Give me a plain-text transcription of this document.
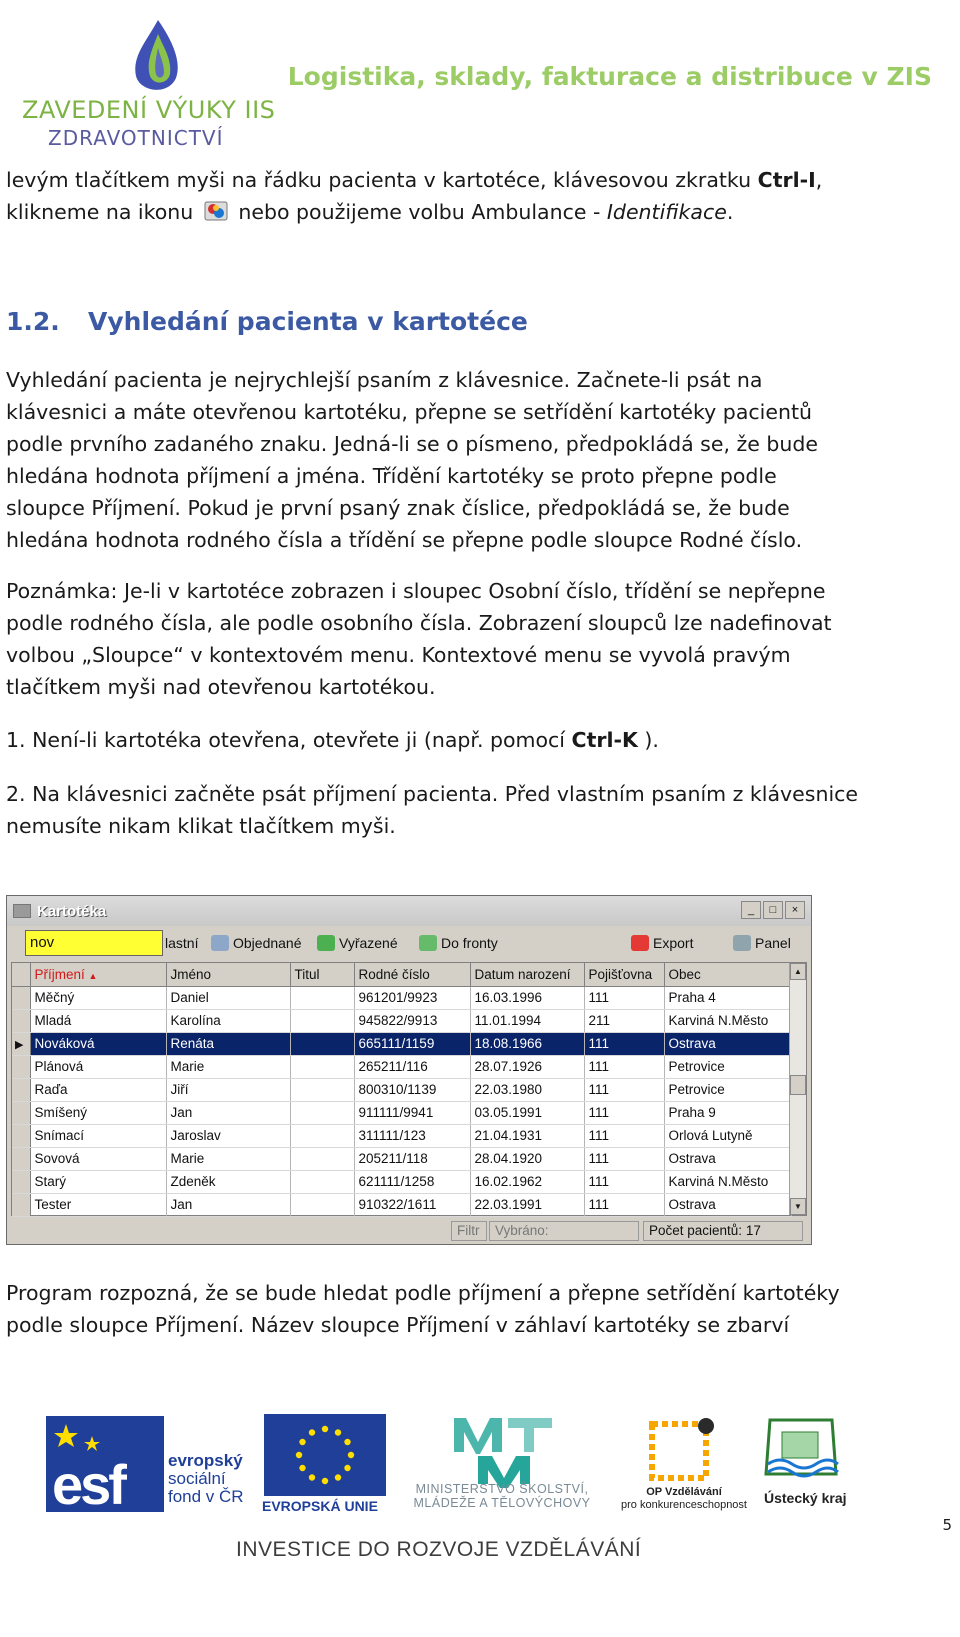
ZAVEDENÍ VÝUKY IIS
ZDRAVOTNICTVÍ
Logistika, sklady, fakturace a distribuce v ZIS
levým tlačítkem myši na řádku pacienta v kartotéce, klávesovou zkratku Ctrl-I,
klikneme na ikonu nebo použijeme volbu Ambulance - Identifikace.
1.2. Vyhledání pacienta v kartotéce
Vyhledání pacienta je nejrychlejší psaním z klávesnice. Začnete-li psát na
klávesnici a máte otevřenou kartotéku, přepne se setřídění kartotéky pacientů
podle prvního zadaného znaku. Jedná-li se o písmeno, předpokládá se, že bude
hledána hodnota příjmení a jména. Třídění kartotéky se proto přepne podle
sloupce Příjmení. Pokud je první psaný znak číslice, předpokládá se, že bude
hledána hodnota rodného čísla a třídění se přepne podle sloupce Rodné číslo.
Poznámka: Je-li v kartotéce zobrazen i sloupec Osobní číslo, třídění se nepřepne
podle rodného čísla, ale podle osobního čísla. Zobrazení sloupců lze nadefinovat
volbou „Sloupce“ v kontextovém menu. Kontextové menu se vyvolá pravým
tlačítkem myši nad otevřenou kartotékou.
1. Není-li kartotéka otevřena, otevřete ji (např. pomocí Ctrl-K ).
2. Na klávesnici začněte psát příjmení pacienta. Před vlastním psaním z klávesnice
nemusíte nikam klikat tlačítkem myši.
Kartotéka	_	□	×
nov	lastní Objednané	Vyřazené	Do fronty	Export	Panel
	Příjmení ▲	Jméno	Titul	Rodné číslo	Datum narození	Pojišťovna	Obec
	Měčný	Daniel		961201/9923	16.03.1996	111	Praha 4
	Mladá	Karolína		945822/9913	11.01.1994	211	Karviná N.Město
▶	Nováková	Renáta		665111/1159	18.08.1966	111	Ostrava
	Plánová	Marie		265211/116	28.07.1926	111	Petrovice
	Raďa	Jiří		800310/1139	22.03.1980	111	Petrovice
	Smíšený	Jan		911111/9941	03.05.1991	111	Praha 9
	Snímací	Jaroslav		311111/123	21.04.1931	111	Orlová Lutyně
	Sovová	Marie		205211/118	28.04.1920	111	Ostrava
	Starý	Zdeněk		621111/1258	16.02.1962	111	Karviná N.Město
	Tester	Jan		910322/1611	22.03.1991	111	Ostrava
▲
▼
Filtr	Vybráno:	Počet pacientů: 17
Program rozpozná, že se bude hledat podle příjmení a přepne setřídění kartotéky
podle sloupce Příjmení. Název sloupce Příjmení v záhlaví kartotéky se zbarví
esf	evropský
sociální
fond v ČR EVROPSKÁ UNIE
MINISTERSTVO ŠKOLSTVÍ,
MLÁDEŽE A TĚLOVÝCHOVY
OP Vzdělávání
pro konkurenceschopnost	Ústecký kraj
INVESTICE DO ROZVOJE VZDĚLÁVÁNÍ
5
